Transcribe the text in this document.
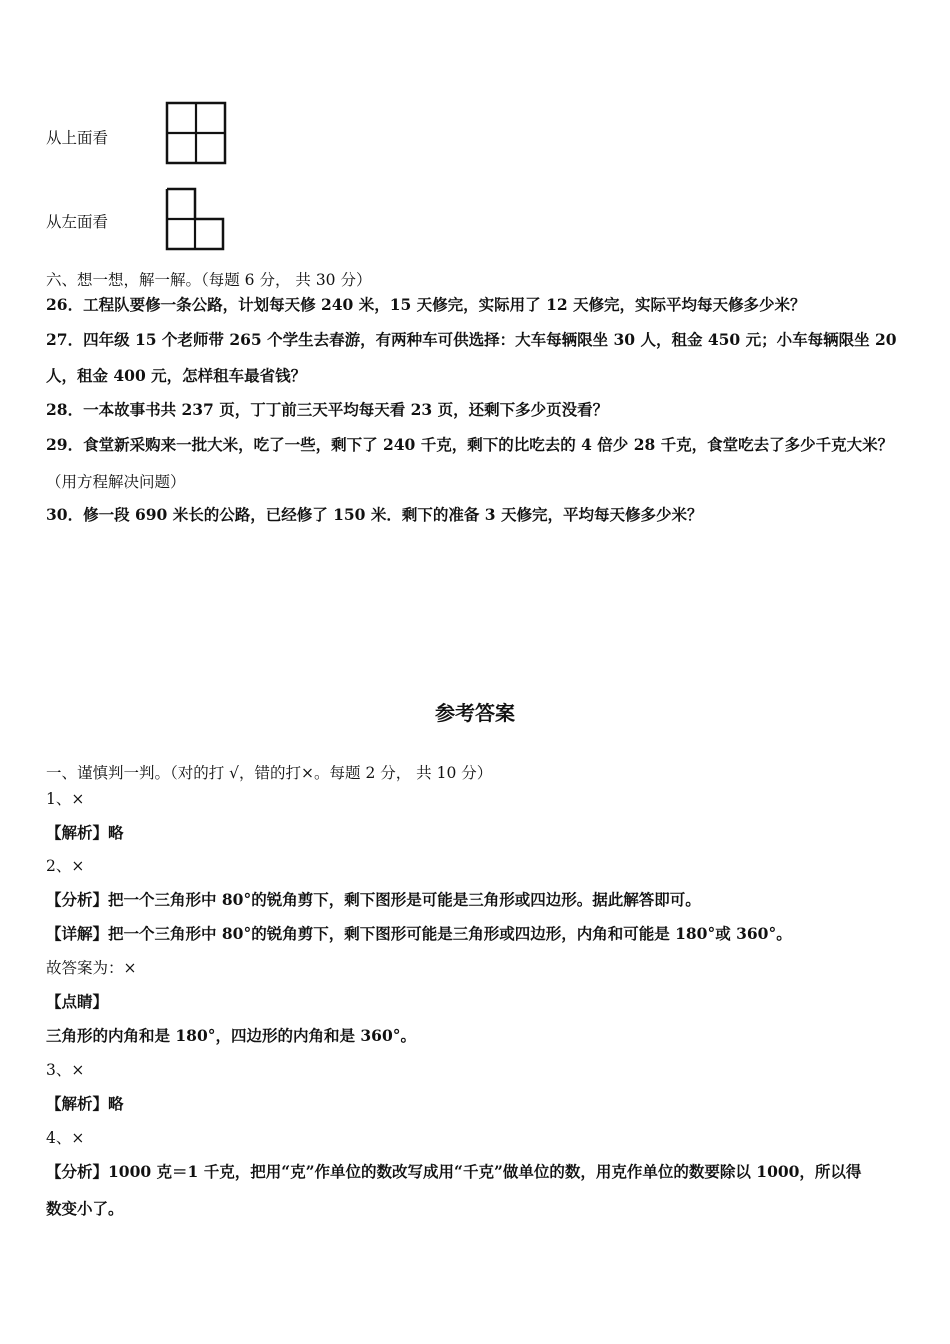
从上面看
从左面看
六、想一想，解一解。（每题 6 分， 共 30 分）
26．工程队要修一条公路，计划每天修 240 米，15 天修完，实际用了 12 天修完，实际平均每天修多少米？
27．四年级 15 个老师带 265 个学生去春游，有两种车可供选择：大车每辆限坐 30 人，租金 450 元；小车每辆限坐 20
人，租金 400 元，怎样租车最省钱？
28．一本故事书共 237 页，丁丁前三天平均每天看 23 页，还剩下多少页没看？
29．食堂新采购来一批大米，吃了一些，剩下了 240 千克，剩下的比吃去的 4 倍少 28 千克，食堂吃去了多少千克大米？
（用方程解决问题）
30．修一段 690 米长的公路，已经修了 150 米．剩下的准备 3 天修完，平均每天修多少米？
参考答案
一、谨慎判一判。（对的打 √，错的打×。每题 2 分， 共 10 分）
1、×
【解析】略
2、×
【分析】把一个三角形中 80°的锐角剪下，剩下图形是可能是三角形或四边形。据此解答即可。
【详解】把一个三角形中 80°的锐角剪下，剩下图形可能是三角形或四边形，内角和可能是 180°或 360°。
故答案为：×
【点睛】
三角形的内角和是 180°，四边形的内角和是 360°。
3、×
【解析】略
4、×
【分析】1000 克＝1 千克，把用“克”作单位的数改写成用“千克”做单位的数，用克作单位的数要除以 1000，所以得
数变小了。
